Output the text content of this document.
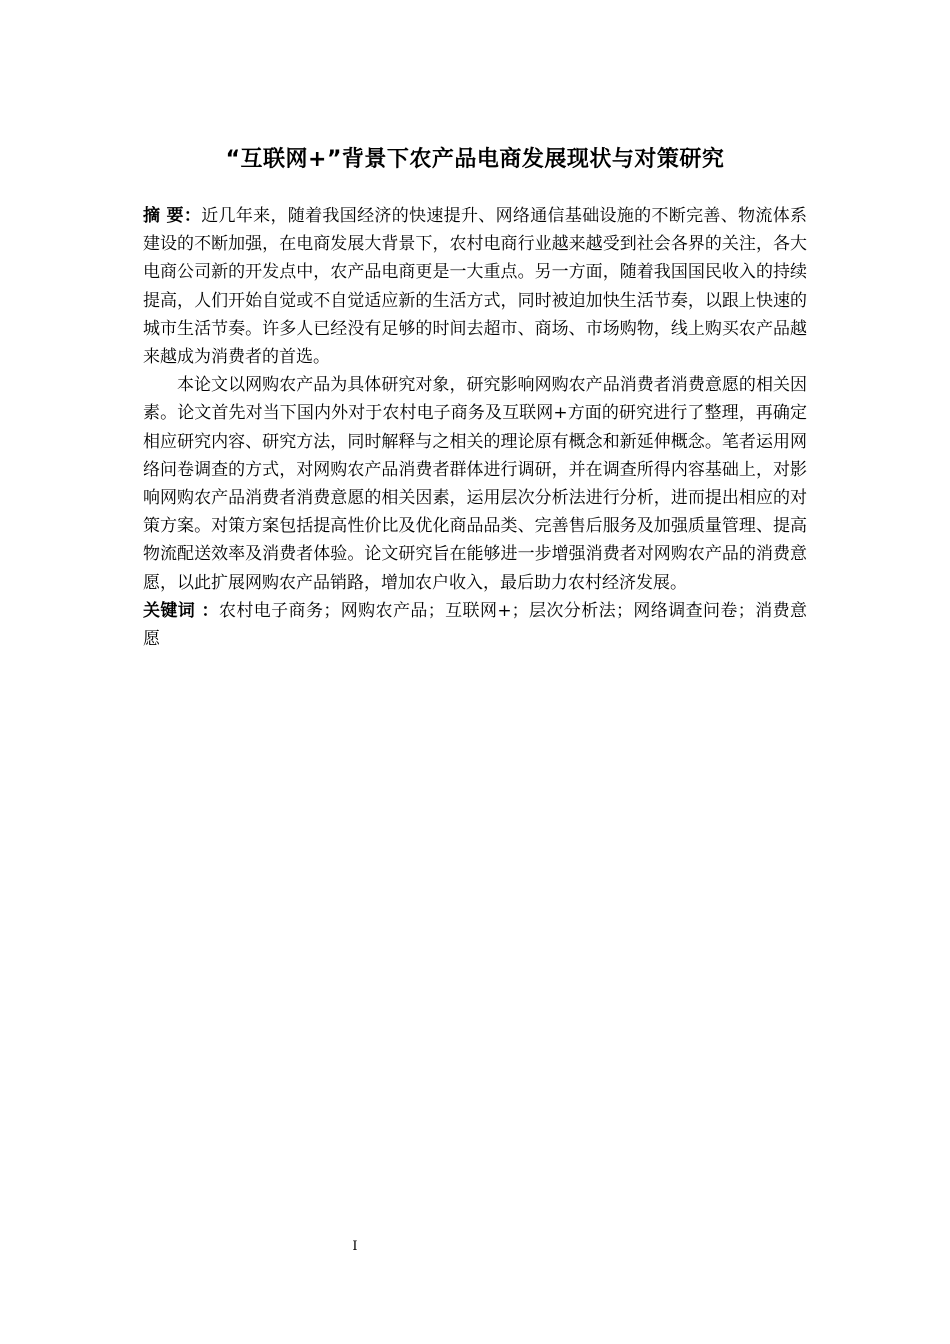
“互联网+”背景下农产品电商发展现状与对策研究

摘 要：近几年来，随着我国经济的快速提升、网络通信基础设施的不断完善、物流体系建设的不断加强，在电商发展大背景下，农村电商行业越来越受到社会各界的关注，各大电商公司新的开发点中，农产品电商更是一大重点。另一方面，随着我国国民收入的持续提高，人们开始自觉或不自觉适应新的生活方式，同时被迫加快生活节奏，以跟上快速的城市生活节奏。许多人已经没有足够的时间去超市、商场、市场购物，线上购买农产品越来越成为消费者的首选。

本论文以网购农产品为具体研究对象，研究影响网购农产品消费者消费意愿的相关因素。论文首先对当下国内外对于农村电子商务及互联网+方面的研究进行了整理，再确定相应研究内容、研究方法，同时解释与之相关的理论原有概念和新延伸概念。笔者运用网络问卷调查的方式，对网购农产品消费者群体进行调研，并在调查所得内容基础上，对影响网购农产品消费者消费意愿的相关因素，运用层次分析法进行分析，进而提出相应的对策方案。对策方案包括提高性价比及优化商品品类、完善售后服务及加强质量管理、提高物流配送效率及消费者体验。论文研究旨在能够进一步增强消费者对网购农产品的消费意愿，以此扩展网购农产品销路，增加农户收入，最后助力农村经济发展。

关键词 ：农村电子商务；网购农产品；互联网+；层次分析法；网络调查问卷；消费意愿

I
